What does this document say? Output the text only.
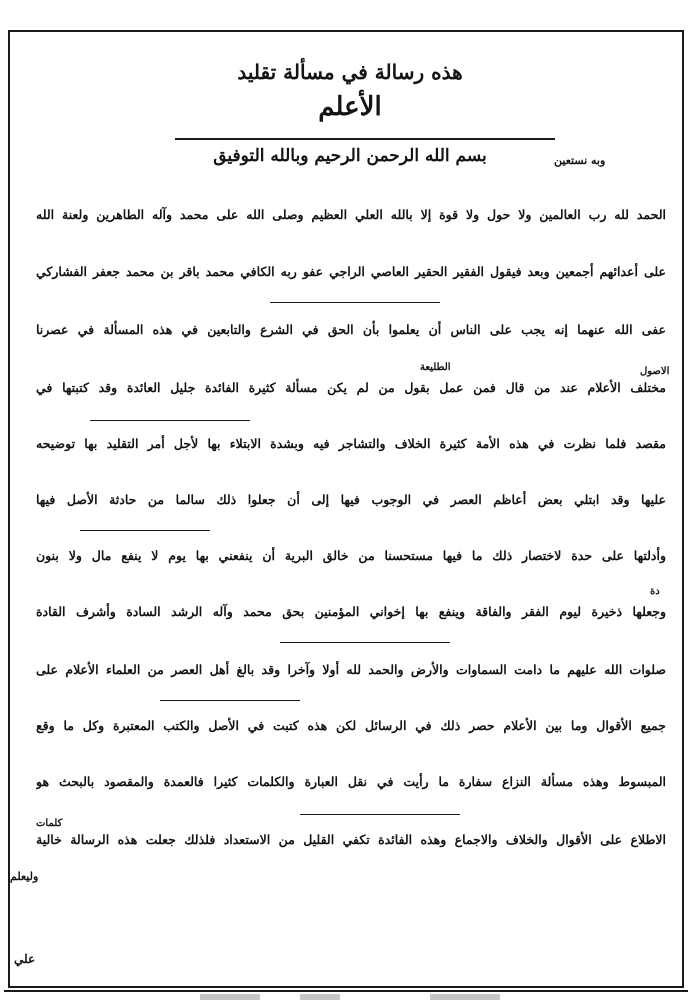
هذه رسالة في مسألة تقليد
الأعلم
وبه نستعين
بسم الله الرحمن الرحيم وبالله التوفيق
الحمد لله رب العالمين ولا حول ولا قوة إلا بالله العلي العظيم وصلى الله على محمد وآله الطاهرين ولعنة الله
على أعدائهم أجمعين وبعد فيقول الفقير الحقير العاصي الراجي عفو ربه الكافي محمد باقر بن محمد جعفر الفشاركي
عفى الله عنهما إنه يجب على الناس أن يعلموا بأن الحق في الشرع والتابعين في هذه المسألة في عصرنا
الطليعة	الاصول
مختلف الأعلام عند من قال فمن عمل بقول من لم يكن مسألة كثيرة الفائدة جليل العائدة وقد كتبتها في
مقصد فلما نظرت في هذه الأمة كثيرة الخلاف والتشاجر فيه وبشدة الابتلاء بها لأجل أمر التقليد بها توضيحه
عليها وقد ابتلي بعض أعاظم العصر في الوجوب فيها إلى أن جعلوا ذلك سالما من حادثة الأصل فيها
وأدلتها على حدة لاختصار ذلك ما فيها مستحسنا من خالق البرية أن ينفعني بها يوم لا ينفع مال ولا بنون
دة
وجعلها ذخيرة ليوم الفقر والفاقة وينفع بها إخواني المؤمنين بحق محمد وآله الرشد السادة وأشرف القادة
صلوات الله عليهم ما دامت السماوات والأرض والحمد لله أولا وآخرا وقد بالغ أهل العصر من العلماء الأعلام على
جميع الأقوال وما بين الأعلام حصر ذلك في الرسائل لكن هذه كتبت في الأصل والكتب المعتبرة وكل ما وقع
المبسوط وهذه مسألة النزاع سفارة ما رأيت في نقل العبارة والكلمات كثيرا فالعمدة والمقصود بالبحث هو
كلمات
الاطلاع على الأقوال والخلاف والاجماع وهذه الفائدة تكفي القليل من الاستعداد فلذلك جعلت هذه الرسالة خالية
وليعلم
علي
